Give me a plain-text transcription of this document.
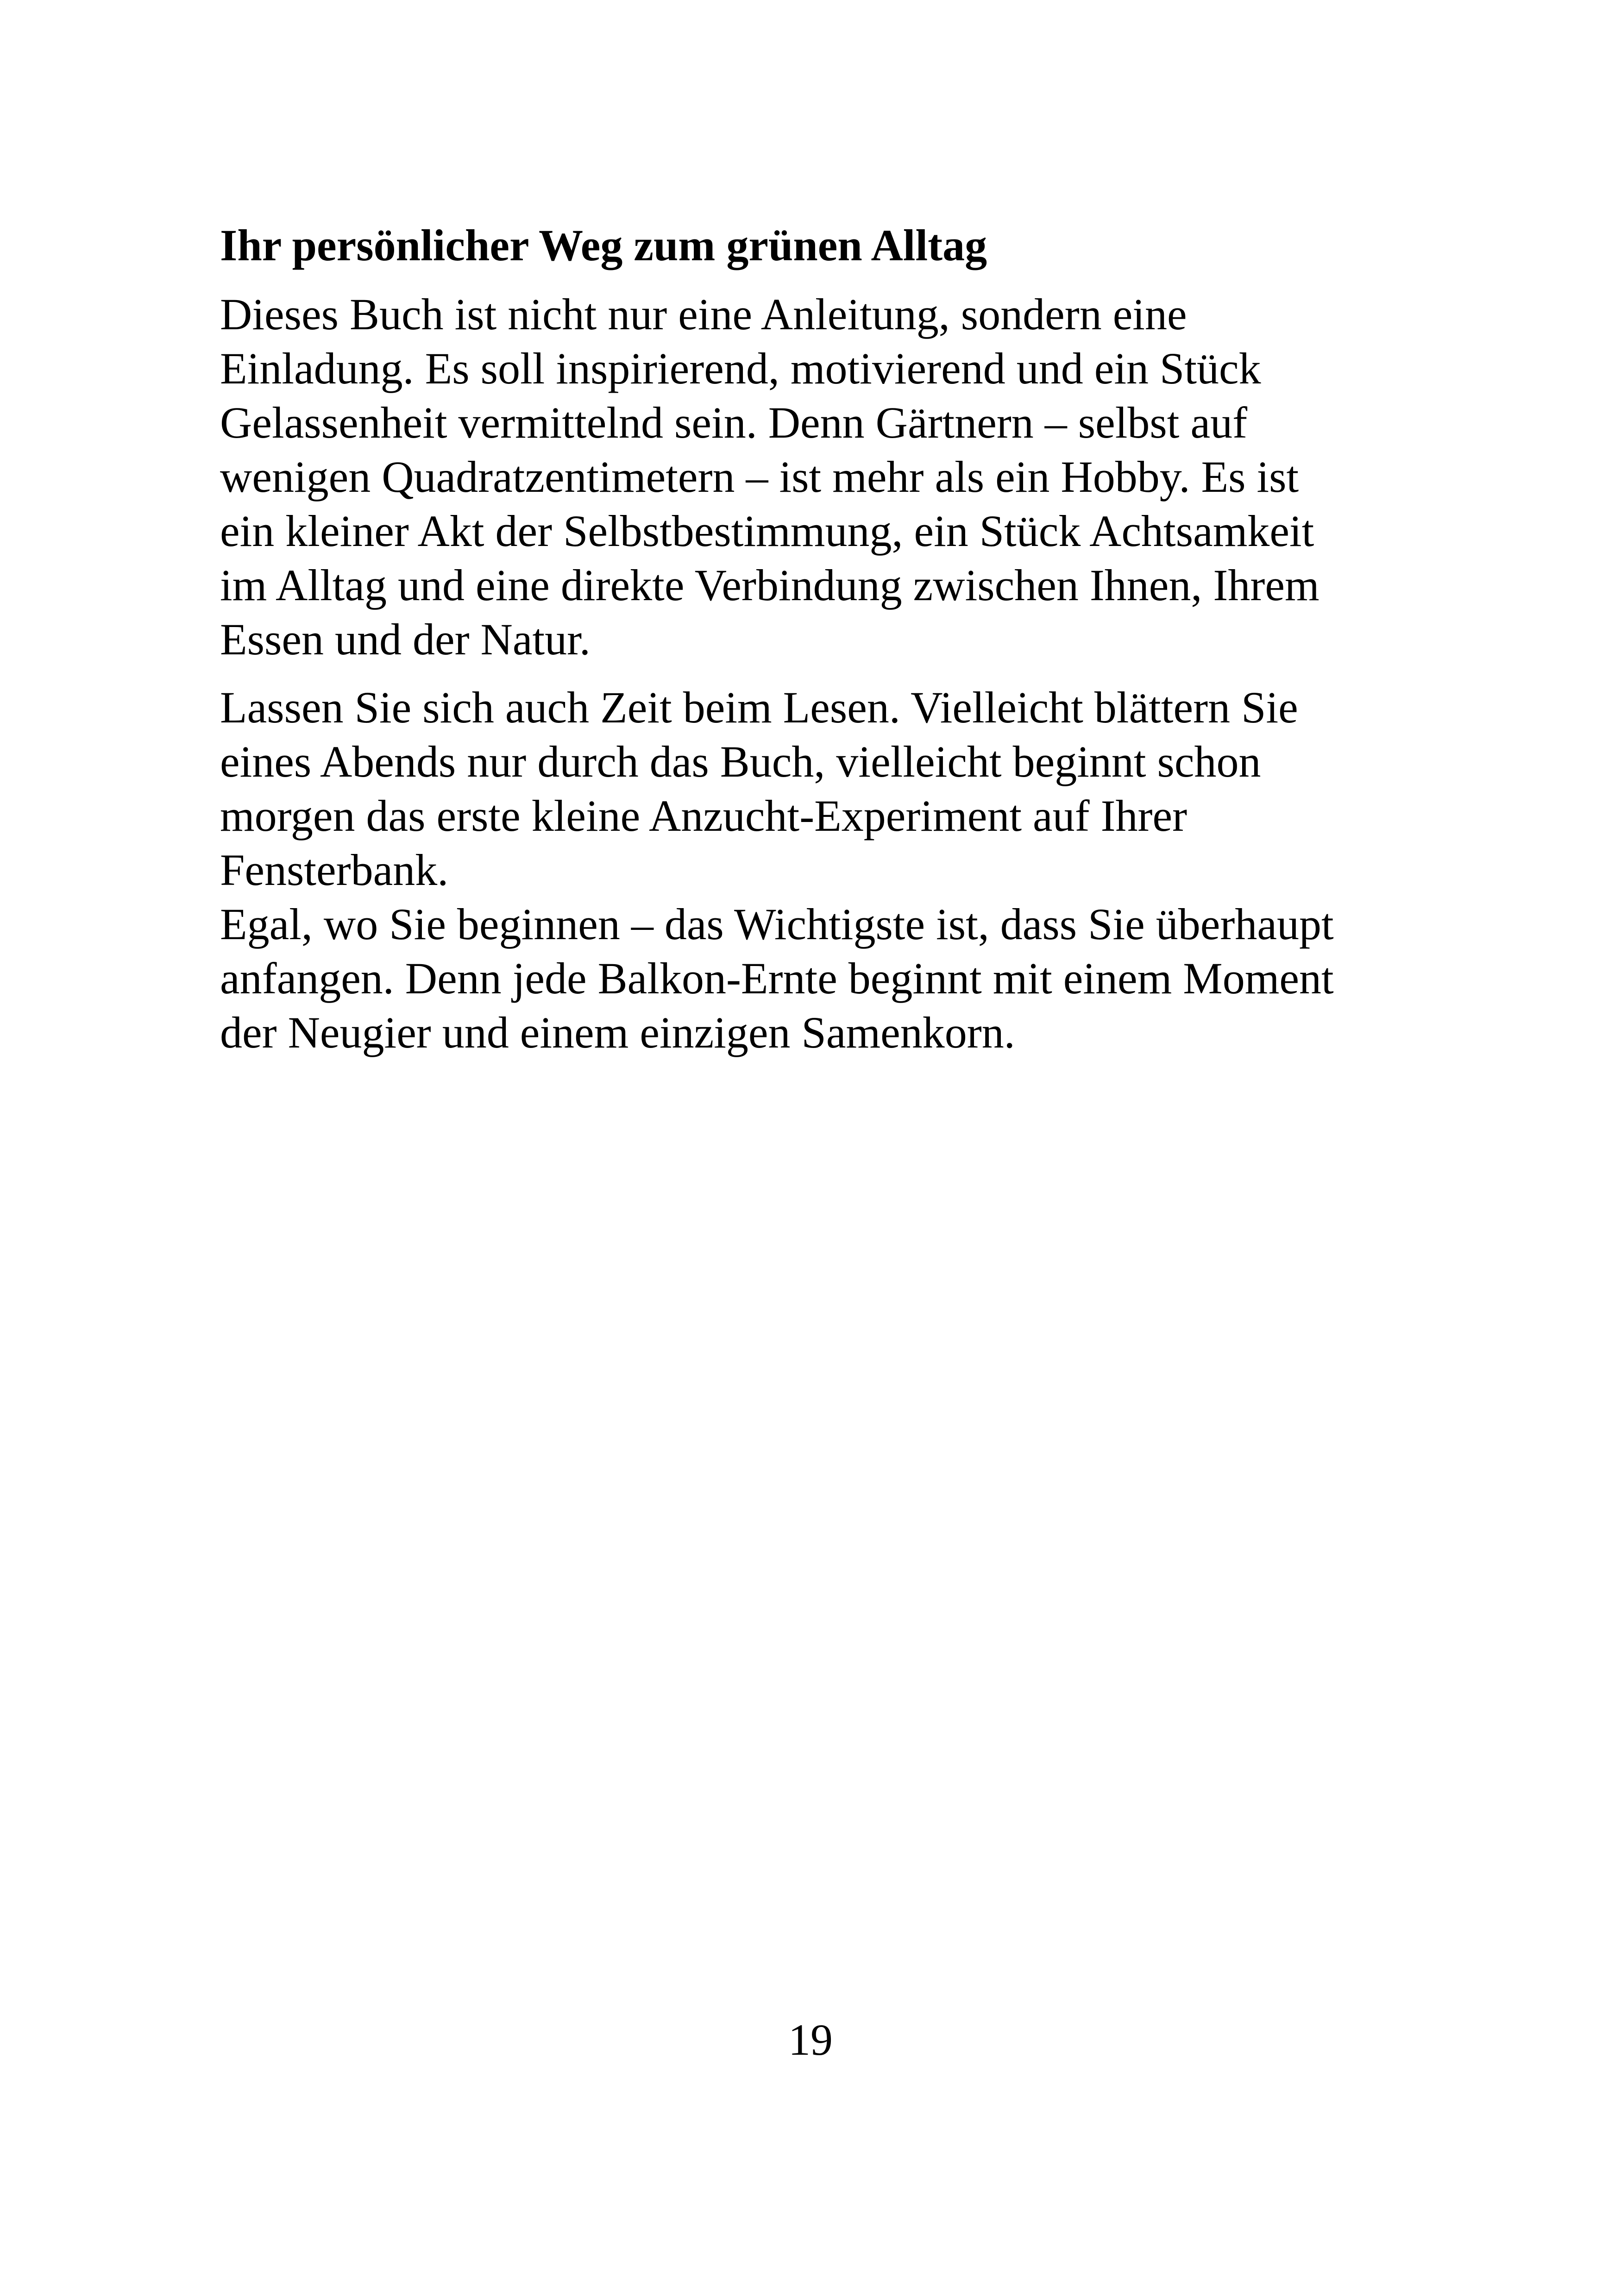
Ihr persönlicher Weg zum grünen Alltag

Dieses Buch ist nicht nur eine Anleitung, sondern eine
Einladung. Es soll inspirierend, motivierend und ein Stück
Gelassenheit vermittelnd sein. Denn Gärtnern – selbst auf
wenigen Quadratzentimetern – ist mehr als ein Hobby. Es ist
ein kleiner Akt der Selbstbestimmung, ein Stück Achtsamkeit
im Alltag und eine direkte Verbindung zwischen Ihnen, Ihrem
Essen und der Natur.

Lassen Sie sich auch Zeit beim Lesen. Vielleicht blättern Sie
eines Abends nur durch das Buch, vielleicht beginnt schon
morgen das erste kleine Anzucht-Experiment auf Ihrer
Fensterbank.
Egal, wo Sie beginnen – das Wichtigste ist, dass Sie überhaupt
anfangen. Denn jede Balkon-Ernte beginnt mit einem Moment
der Neugier und einem einzigen Samenkorn.

19
